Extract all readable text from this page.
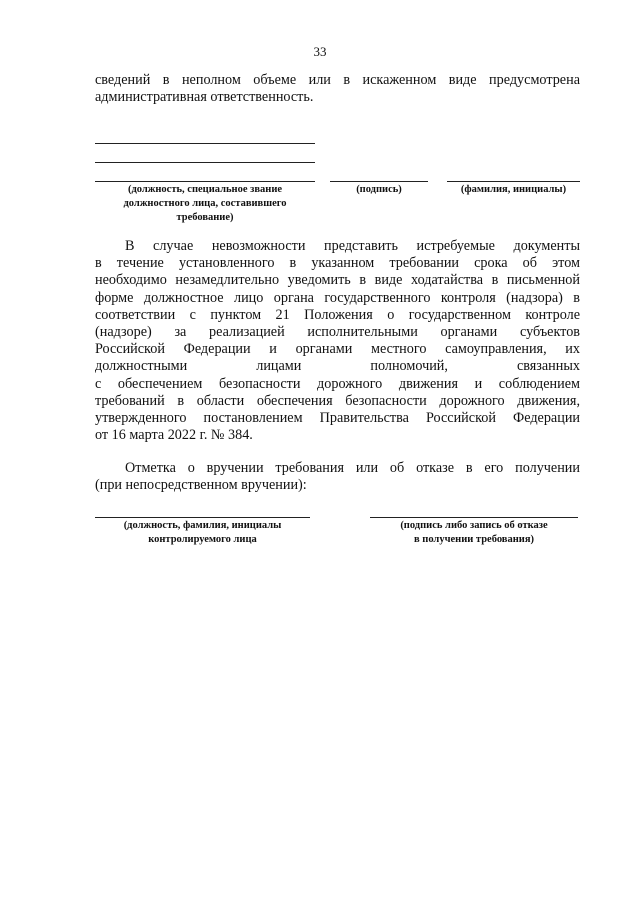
33
сведений в неполном объеме или в искаженном виде предусмотрена
административная ответственность.
(должность, специальное звание
должностного лица, составившего
требование)
(подпись)	(фамилия, инициалы)
В случае невозможности представить истребуемые документы
в течение установленного в указанном требовании срока об этом
необходимо незамедлительно уведомить в виде ходатайства в письменной
форме должностное лицо органа государственного контроля (надзора) в
соответствии с пунктом 21 Положения о государственном контроле
(надзоре) за реализацией исполнительными органами субъектов
Российской Федерации и органами местного самоуправления, их
должностными лицами полномочий, связанных
с обеспечением безопасности дорожного движения и соблюдением
требований в области обеспечения безопасности дорожного движения,
утвержденного постановлением Правительства Российской Федерации
от 16 марта 2022 г. № 384.
Отметка о вручении требования или об отказе в его получении
(при непосредственном вручении):
(должность, фамилия, инициалы
контролируемого лица
(подпись либо запись об отказе
в получении требования)
